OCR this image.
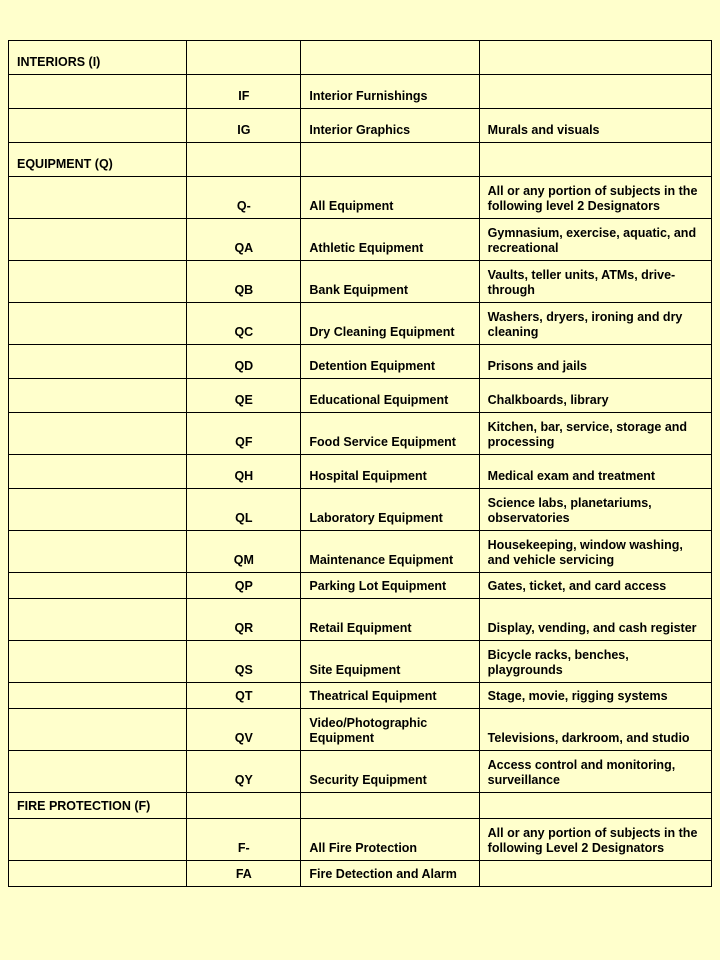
INTERIORS (I)			
	IF	Interior Furnishings	
	IG	Interior Graphics	Murals and visuals
EQUIPMENT (Q)			
	Q-	All Equipment	All or any portion of subjects in the following level 2 Designators
	QA	Athletic Equipment	Gymnasium, exercise, aquatic, and recreational
	QB	Bank Equipment	Vaults, teller units, ATMs, drive-through
	QC	Dry Cleaning Equipment	Washers, dryers, ironing and dry cleaning
	QD	Detention Equipment	Prisons and jails
	QE	Educational Equipment	Chalkboards, library
	QF	Food Service Equipment	Kitchen, bar, service, storage and processing
	QH	Hospital Equipment	Medical exam and treatment
	QL	Laboratory Equipment	Science labs, planetariums, observatories
	QM	Maintenance Equipment	Housekeeping, window washing, and vehicle servicing
	QP	Parking Lot Equipment	Gates, ticket, and card access
	QR	Retail Equipment	Display, vending, and cash register
	QS	Site Equipment	Bicycle racks, benches, playgrounds
	QT	Theatrical Equipment	Stage, movie, rigging systems
	QV	Video/Photographic Equipment	Televisions, darkroom, and studio
	QY	Security Equipment	Access control and monitoring, surveillance
FIRE PROTECTION (F)			
	F-	All Fire Protection	All or any portion of subjects in the following Level 2 Designators
	FA	Fire Detection and Alarm	
